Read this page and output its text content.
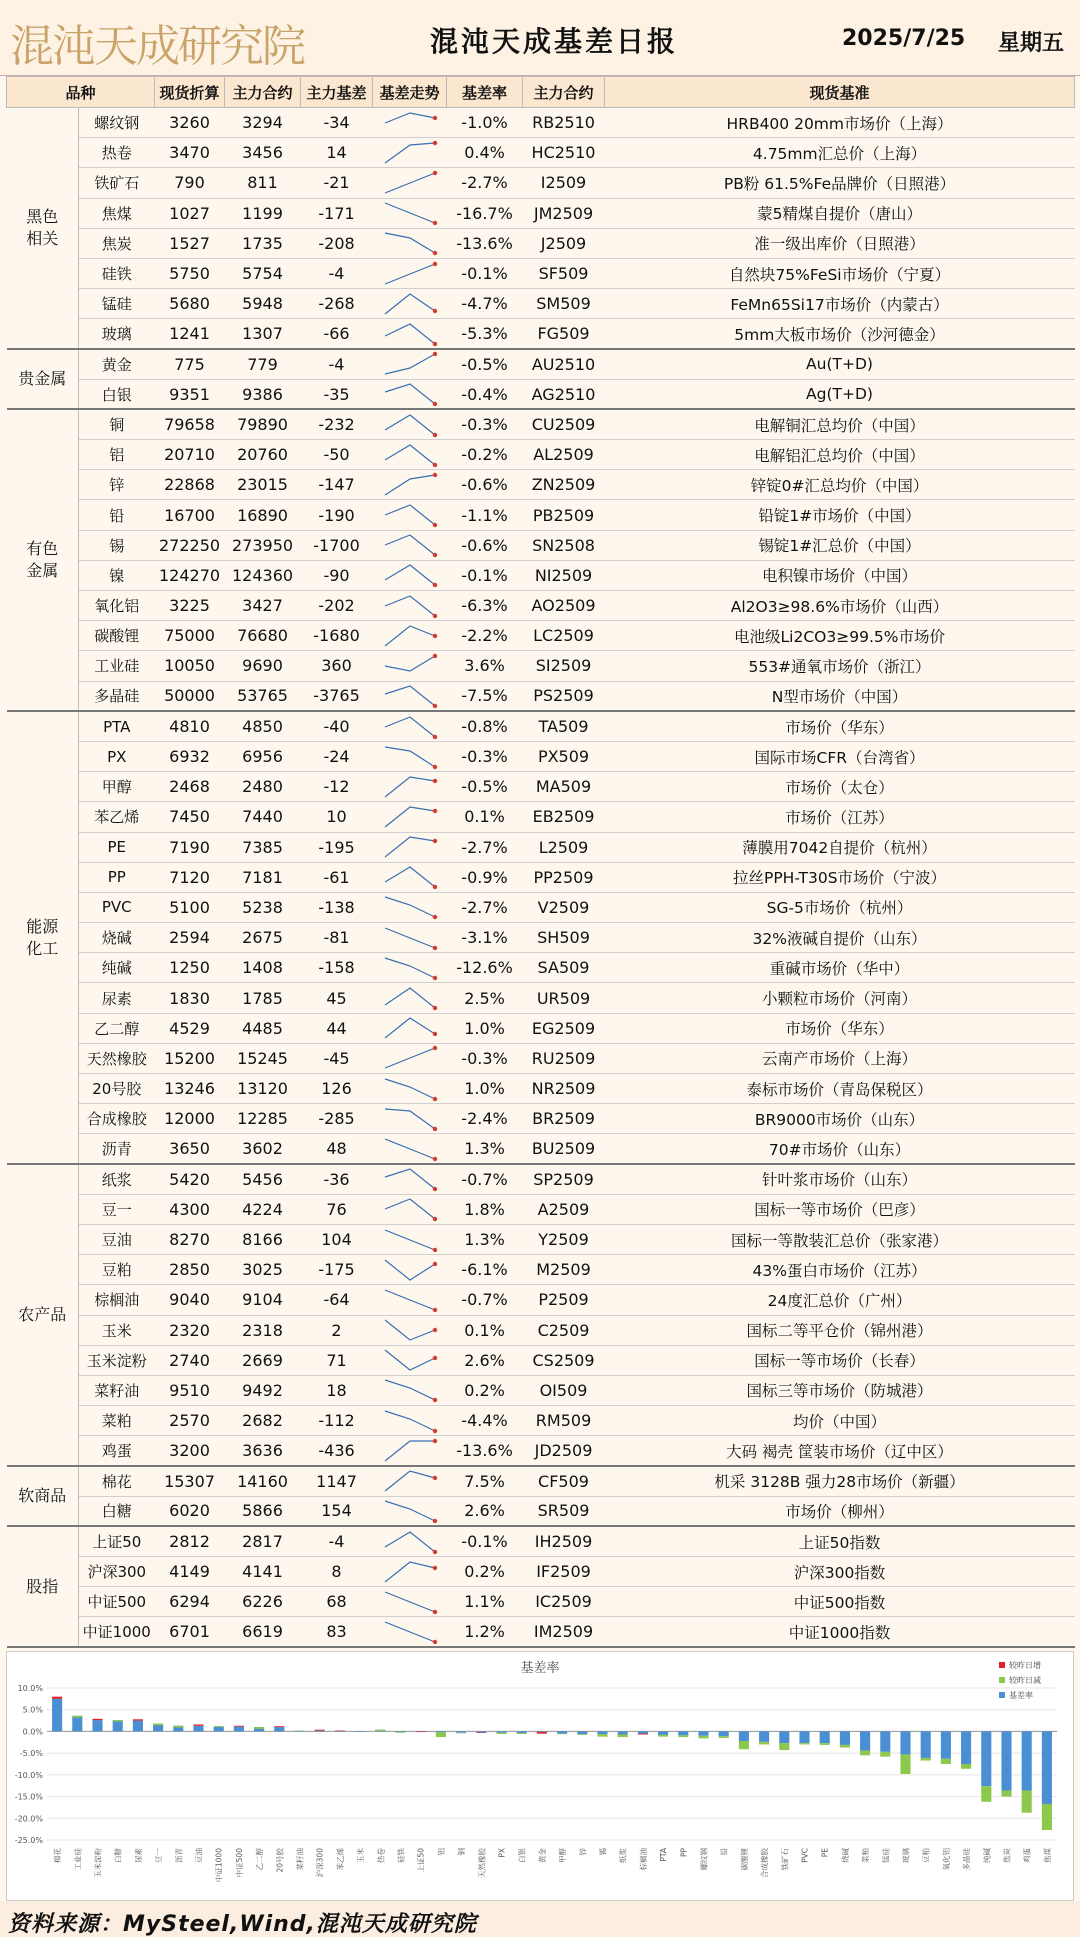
混沌天成研究院	混沌天成基差日报	2025/7/25 星期五
品种		现货折算	主力合约	主力基差	基差走势	基差率	主力合约	现货基准
黑色
相关	螺纹钢	3260	3294	-34		-1.0%	RB2510	HRB400 20mm市场价（上海）
	热卷	3470	3456	14		0.4%	HC2510	4.75mm汇总价（上海）
	铁矿石	790	811	-21		-2.7%	I2509	PB粉 61.5%Fe品牌价（日照港）
	焦煤	1027	1199	-171		-16.7%	JM2509	蒙5精煤自提价（唐山）
	焦炭	1527	1735	-208		-13.6%	J2509	准一级出库价（日照港）
	硅铁	5750	5754	-4		-0.1%	SF509	自然块75%FeSi市场价（宁夏）
	锰硅	5680	5948	-268		-4.7%	SM509	FeMn65Si17市场价（内蒙古）
	玻璃	1241	1307	-66		-5.3%	FG509	5mm大板市场价（沙河德金）
贵金属	黄金	775	779	-4		-0.5%	AU2510	Au(T+D)
	白银	9351	9386	-35		-0.4%	AG2510	Ag(T+D)
有色
金属	铜	79658	79890	-232		-0.3%	CU2509	电解铜汇总均价（中国）
	铝	20710	20760	-50		-0.2%	AL2509	电解铝汇总均价（中国）
	锌	22868	23015	-147		-0.6%	ZN2509	锌锭0#汇总均价（中国）
	铅	16700	16890	-190		-1.1%	PB2509	铅锭1#市场价（中国）
	锡	272250	273950	-1700		-0.6%	SN2508	锡锭1#汇总价（中国）
	镍	124270	124360	-90		-0.1%	NI2509	电积镍市场价（中国）
	氧化铝	3225	3427	-202		-6.3%	AO2509	Al2O3≥98.6%市场价（山西）
	碳酸锂	75000	76680	-1680		-2.2%	LC2509	电池级Li2CO3≥99.5%市场价
	工业硅	10050	9690	360		3.6%	SI2509	553#通氧市场价（浙江）
	多晶硅	50000	53765	-3765		-7.5%	PS2509	N型市场价（中国）
能源
化工	PTA	4810	4850	-40		-0.8%	TA509	市场价（华东）
	PX	6932	6956	-24		-0.3%	PX509	国际市场CFR（台湾省）
	甲醇	2468	2480	-12		-0.5%	MA509	市场价（太仓）
	苯乙烯	7450	7440	10		0.1%	EB2509	市场价（江苏）
	PE	7190	7385	-195		-2.7%	L2509	薄膜用7042自提价（杭州）
	PP	7120	7181	-61		-0.9%	PP2509	拉丝PPH-T30S市场价（宁波）
	PVC	5100	5238	-138		-2.7%	V2509	SG-5市场价（杭州）
	烧碱	2594	2675	-81		-3.1%	SH509	32%液碱自提价（山东）
	纯碱	1250	1408	-158		-12.6%	SA509	重碱市场价（华中）
	尿素	1830	1785	45		2.5%	UR509	小颗粒市场价（河南）
	乙二醇	4529	4485	44		1.0%	EG2509	市场价（华东）
	天然橡胶	15200	15245	-45		-0.3%	RU2509	云南产市场价（上海）
	20号胶	13246	13120	126		1.0%	NR2509	泰标市场价（青岛保税区）
	合成橡胶	12000	12285	-285		-2.4%	BR2509	BR9000市场价（山东）
	沥青	3650	3602	48		1.3%	BU2509	70#市场价（山东）
农产品	纸浆	5420	5456	-36		-0.7%	SP2509	针叶浆市场价（山东）
	豆一	4300	4224	76		1.8%	A2509	国标一等市场价（巴彦）
	豆油	8270	8166	104		1.3%	Y2509	国标一等散装汇总价（张家港）
	豆粕	2850	3025	-175		-6.1%	M2509	43%蛋白市场价（江苏）
	棕榈油	9040	9104	-64		-0.7%	P2509	24度汇总价（广州）
	玉米	2320	2318	2		0.1%	C2509	国标二等平仓价（锦州港）
	玉米淀粉	2740	2669	71		2.6%	CS2509	国标一等市场价（长春）
	菜籽油	9510	9492	18		0.2%	OI509	国标三等市场价（防城港）
	菜粕	2570	2682	-112		-4.4%	RM509	均价（中国）
	鸡蛋	3200	3636	-436		-13.6%	JD2509	大码 褐壳 筐装市场价（辽中区）
软商品	棉花	15307	14160	1147		7.5%	CF509	机采 3128B 强力28市场价（新疆）
	白糖	6020	5866	154		2.6%	SR509	市场价（柳州）
股指	上证50	2812	2817	-4		-0.1%	IH2509	上证50指数
	沪深300	4149	4141	8		0.2%	IF2509	沪深300指数
	中证500	6294	6226	68		1.1%	IC2509	中证500指数
	中证1000	6701	6619	83		1.2%	IM2509	中证1000指数
基差率
10.0%
5.0%
0.0%
-5.0%
-10.0%
-15.0%
-20.0%
-25.0%
棉花 工业硅 玉米淀粉 白糖 尿素 豆一 沥青 豆油 中证1000 中证500 乙二醇 20号胶 菜籽油 沪深300 苯乙烯 玉米 热卷 硅铁 上证50 铝 铜 天然橡胶 PX 白银 黄金 甲醇 锌 锡 纸浆 棕榈油 PTA PP 螺纹钢 铅 碳酸锂 合成橡胶 铁矿石 PVC PE 烧碱 菜粕 锰硅 玻璃 豆粕 氧化铝 多晶硅 纯碱 焦炭 鸡蛋 焦煤
较昨日增
较昨日减
基差率
资料来源：MySteel,Wind,混沌天成研究院
